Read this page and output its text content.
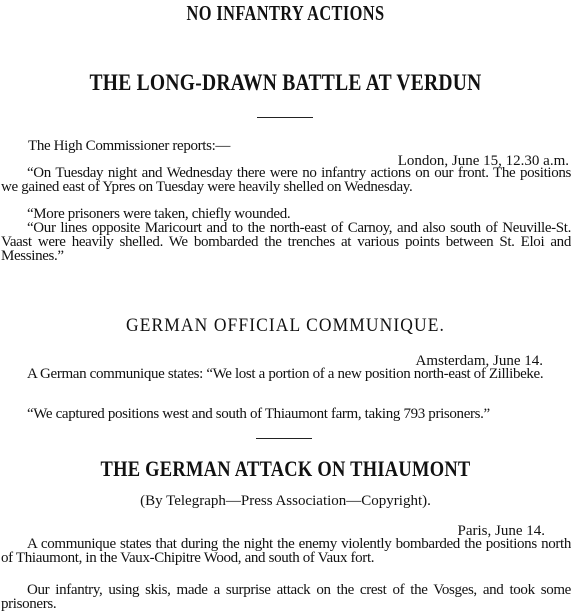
NO INFANTRY ACTIONS
THE LONG-DRAWN BATTLE AT VERDUN
The High Commissioner reports:—
London, June 15, 12.30 a.m.
“On Tuesday night and Wednesday there were no infantry actions on our front. The positions we gained east of Ypres on Tuesday were heavily shelled on Wednesday.
“More prisoners were taken, chiefly wounded.
“Our lines opposite Maricourt and to the north-east of Carnoy, and also south of Neuville-St. Vaast were heavily shelled. We bombarded the trenches at various points between St. Eloi and Messines.”
GERMAN OFFICIAL COMMUNIQUE.
Amsterdam, June 14.
A German communique states: “We lost a portion of a new position north-east of Zillibeke.
“We captured positions west and south of Thiaumont farm, taking 793 prisoners.”
THE GERMAN ATTACK ON THIAUMONT
(By Telegraph—Press Association—Copyright).
Paris, June 14.
A communique states that during the night the enemy violently bombarded the positions north of Thiaumont, in the Vaux-Chipitre Wood, and south of Vaux fort.
Our infantry, using skis, made a surprise attack on the crest of the Vosges, and took some prisoners.
